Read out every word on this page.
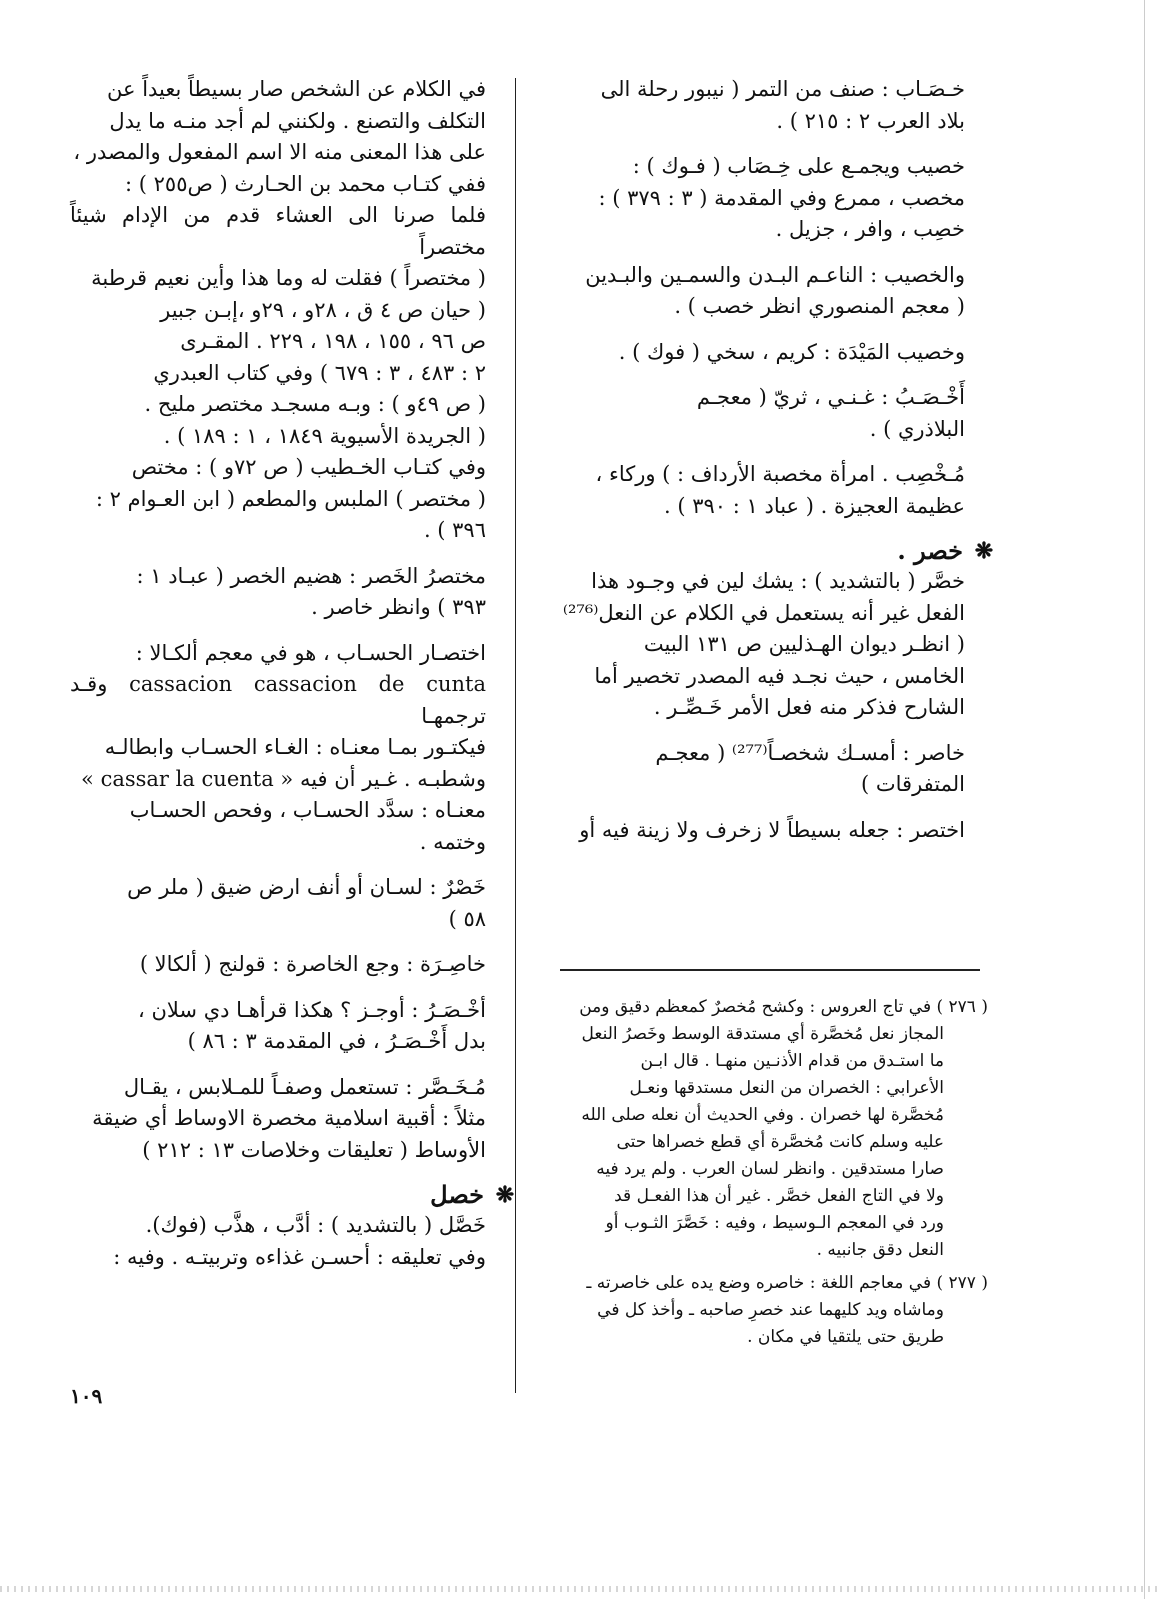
خـصَـاب : صنف من التمر ( نيبور رحلة الى

بلاد العرب ۲ : ٢١٥ ) .

خصيب ويجمـع على خِـصَاب ( فـوك ) :

مخصب ، ممرع وفي المقدمة ( ٣ : ٣٧٩ ) :

خصِب ، وافر ، جزيل .

والخصيب : الناعـم البـدن والسمـين والبـدين

( معجم المنصوري انظر خصب ) .

وخصيب المَيْدَة : كريم ، سخي ( فوك ) .

أَخْـصَـبُ : غـنـي ، ثريّ ( معجـم

البلاذري ) .

مُـخْصِب . امرأة مخصبة الأرداف : ) وركاء ،

عظيمة العجيزة . ( عباد ١ : ٣٩٠ ) .

❋
خصر .

خصَّر ( بالتشديد ) : يشك لين في وجـود هذا

الفعل غير أنه يستعمل في الكلام عن النعل⁽²⁷⁶⁾

( انظـر ديوان الهـذليين ص ١٣١ البيت

الخامس ، حيث نجـد فيه المصدر تخصير أما

الشارح فذكر منه فعل الأمر خَـصِّـر .

خاصر : أمسـك شخصـاً⁽²⁷⁷⁾ ( معجـم

المتفرقات )

اختصر : جعله بسيطاً لا زخرف ولا زينة فيه أو

( ٢٧٦ ) في تاج العروس : وكشح مُخصرٌ كمعظم دقيق ومن

المجاز نعل مُخصَّرة أي مستدقة الوسط وخَصرُ النعل

ما استـدق من قدام الأذنـين منهـا . قال ابـن

الأعرابي : الخصران من النعل مستدقها ونعـل

مُخصَّرة لها خصران . وفي الحديث أن نعله صلى الله

عليه وسلم كانت مُخصَّرة أي قطع خصراها حتى

صارا مستدقين . وانظر لسان العرب . ولم يرد فيه

ولا في التاج الفعل خصَّر . غير أن هذا الفعـل قد

ورد في المعجم الـوسيط ، وفيه : خَصَّرَ الثـوب أو

النعل دقق جانبيه .

( ٢٧٧ ) في معاجم اللغة : خاصره وضع يده على خاصرته ـ

وماشاه ويد كليهما عند خصرِ صاحبه ـ وأخذ كل في

طريق حتى يلتقيا في مكان .

في الكلام عن الشخص صار بسيطاً بعيداً عن

التكلف والتصنع . ولكنني لم أجد منـه ما يدل

على هذا المعنى منه الا اسم المفعول والمصدر ،

ففي كتـاب محمد بن الحـارث ( ص٢٥٥ ) :

فلما صرنا الى العشاء قدم من الإدام شيئاً مختصراً

( مختصراً ) فقلت له وما هذا وأين نعيم قرطبة

( حيان ص ٤ ق ، ٢٨و ، ٢٩و ،إبـن جبير

ص ٩٦ ، ١٥٥ ، ١٩٨ ، ٢٢٩ . المقـرى

٢ : ٤٨٣ ، ٣ : ٦٧٩ ) وفي كتاب العبدري

( ص ٤٩و ) : وبـه مسجـد مختصر مليح .

( الجريدة الأسيوية ١٨٤٩ ، ١ : ١٨٩ ) .

وفي كتـاب الخـطيب ( ص ٧٢و ) : مختص

( مختصر ) الملبس والمطعم ( ابن العـوام ٢ :

٣٩٦ ) .

مختصرُ الخَصر : هضيم الخصر ( عبـاد ١ :

٣٩٣ ) وانظر خاصر .

اختصـار الحسـاب ، هو في معجم ألكـالا :

cassacion cassacion de cunta وقـد ترجمهـا

فيكتـور بمـا معنـاه : الغـاء الحسـاب وابطالـه

وشطبـه . غـير أن فيه « cassar la cuenta »

معنـاه : سدَّد الحسـاب ، وفحص الحسـاب

وختمه .

خَصْرٌ : لسـان أو أنف ارض ضيق ( ملر ص

٥٨ )

خاصِـرَة : وجع الخاصرة : قولنج ( ألكالا )

أخْـصَـرُ : أوجـز ؟ هكذا قرأهـا دي سلان ،

بدل أَخْـصَـرُ ، في المقدمة ٣ : ٨٦ )

مُـخَـصَّر : تستعمل وصفـاً للمـلابس ، يقـال

مثلاً : أقبية اسلامية مخصرة الاوساط أي ضيقة

الأوساط ( تعليقات وخلاصات ١٣ : ٢١٢ )

❋
خصل

خَصَّل ( بالتشديد ) : أدَّب ، هذَّب (فوك).

وفي تعليقه : أحسـن غذاءه وتربيتـه . وفيه :

١٠٩
